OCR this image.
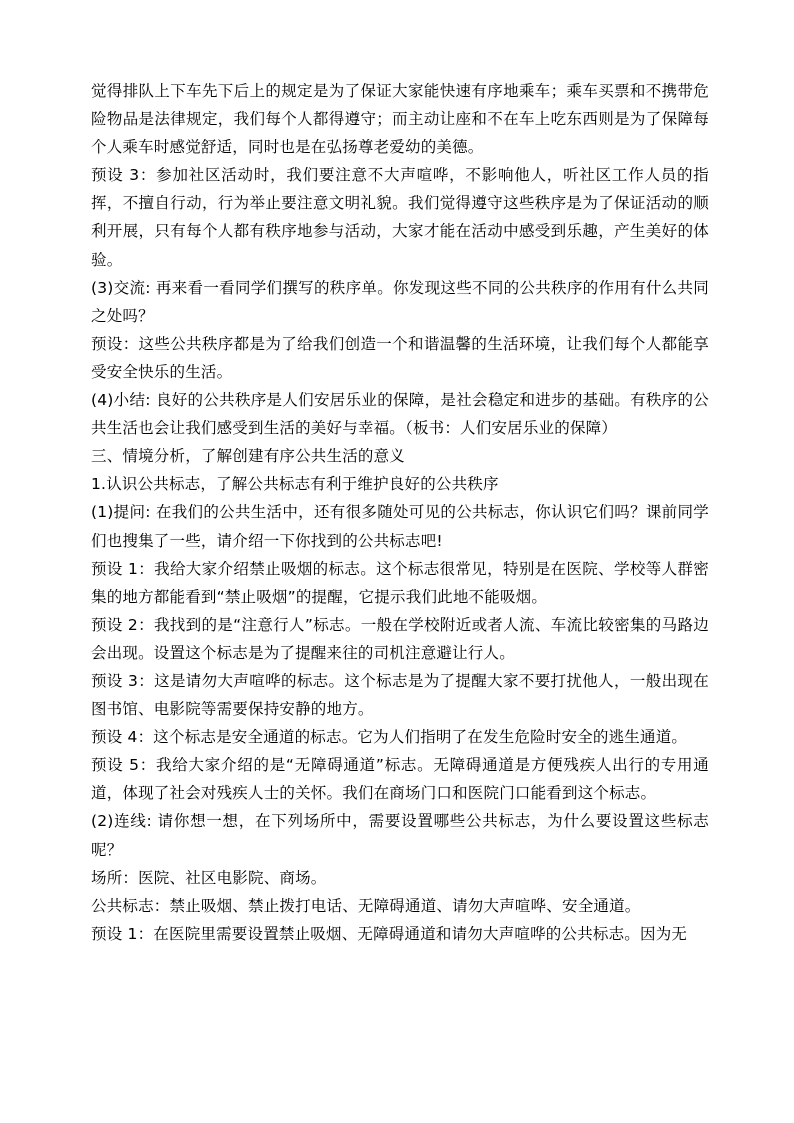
觉得排队上下车先下后上的规定是为了保证大家能快速有序地乘车；乘车买票和不携带危险物品是法律规定，我们每个人都得遵守；而主动让座和不在车上吃东西则是为了保障每个人乘车时感觉舒适，同时也是在弘扬尊老爱幼的美德。

预设 3：参加社区活动时，我们要注意不大声喧哗，不影响他人，听社区工作人员的指挥，不擅自行动，行为举止要注意文明礼貌。我们觉得遵守这些秩序是为了保证活动的顺利开展，只有每个人都有秩序地参与活动，大家才能在活动中感受到乐趣，产生美好的体验。

(3)交流: 再来看一看同学们撰写的秩序单。你发现这些不同的公共秩序的作用有什么共同之处吗？

预设：这些公共秩序都是为了给我们创造一个和谐温馨的生活环境，让我们每个人都能享受安全快乐的生活。

(4)小结: 良好的公共秩序是人们安居乐业的保障，是社会稳定和进步的基础。有秩序的公共生活也会让我们感受到生活的美好与幸福。（板书：人们安居乐业的保障）

三、情境分析，了解创建有序公共生活的意义

1.认识公共标志，了解公共标志有利于维护良好的公共秩序

(1)提问: 在我们的公共生活中，还有很多随处可见的公共标志，你认识它们吗？课前同学们也搜集了一些，请介绍一下你找到的公共标志吧!

预设 1：我给大家介绍禁止吸烟的标志。这个标志很常见，特别是在医院、学校等人群密集的地方都能看到“禁止吸烟”的提醒，它提示我们此地不能吸烟。

预设 2：我找到的是“注意行人”标志。一般在学校附近或者人流、车流比较密集的马路边会出现。设置这个标志是为了提醒来往的司机注意避让行人。

预设 3：这是请勿大声喧哗的标志。这个标志是为了提醒大家不要打扰他人，一般出现在图书馆、电影院等需要保持安静的地方。

预设 4：这个标志是安全通道的标志。它为人们指明了在发生危险时安全的逃生通道。

预设 5：我给大家介绍的是“无障碍通道”标志。无障碍通道是方便残疾人出行的专用通道，体现了社会对残疾人士的关怀。我们在商场门口和医院门口能看到这个标志。

(2)连线: 请你想一想，在下列场所中，需要设置哪些公共标志，为什么要设置这些标志呢？

场所：医院、社区电影院、商场。

公共标志：禁止吸烟、禁止拨打电话、无障碍通道、请勿大声喧哗、安全通道。

预设 1：在医院里需要设置禁止吸烟、无障碍通道和请勿大声喧哗的公共标志。因为无
